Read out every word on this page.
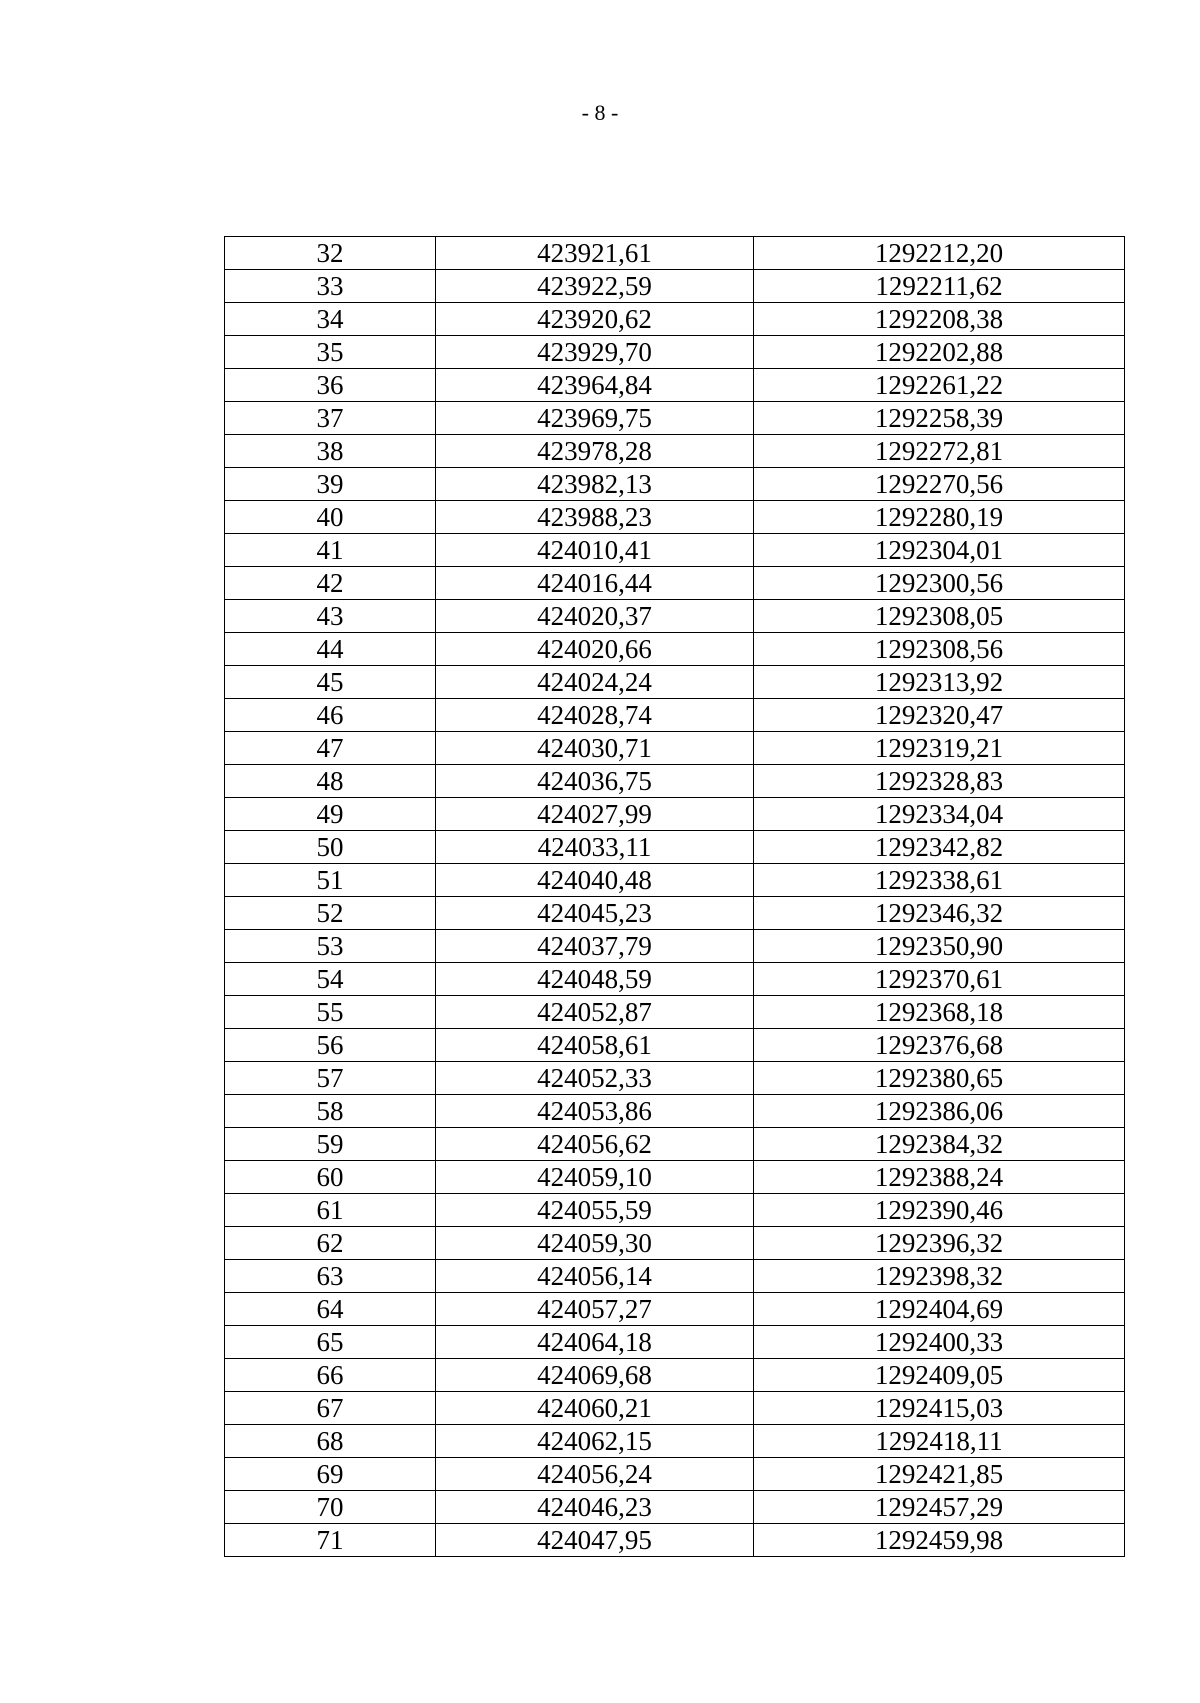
- 8 -
32	423921,61	1292212,20
33	423922,59	1292211,62
34	423920,62	1292208,38
35	423929,70	1292202,88
36	423964,84	1292261,22
37	423969,75	1292258,39
38	423978,28	1292272,81
39	423982,13	1292270,56
40	423988,23	1292280,19
41	424010,41	1292304,01
42	424016,44	1292300,56
43	424020,37	1292308,05
44	424020,66	1292308,56
45	424024,24	1292313,92
46	424028,74	1292320,47
47	424030,71	1292319,21
48	424036,75	1292328,83
49	424027,99	1292334,04
50	424033,11	1292342,82
51	424040,48	1292338,61
52	424045,23	1292346,32
53	424037,79	1292350,90
54	424048,59	1292370,61
55	424052,87	1292368,18
56	424058,61	1292376,68
57	424052,33	1292380,65
58	424053,86	1292386,06
59	424056,62	1292384,32
60	424059,10	1292388,24
61	424055,59	1292390,46
62	424059,30	1292396,32
63	424056,14	1292398,32
64	424057,27	1292404,69
65	424064,18	1292400,33
66	424069,68	1292409,05
67	424060,21	1292415,03
68	424062,15	1292418,11
69	424056,24	1292421,85
70	424046,23	1292457,29
71	424047,95	1292459,98
